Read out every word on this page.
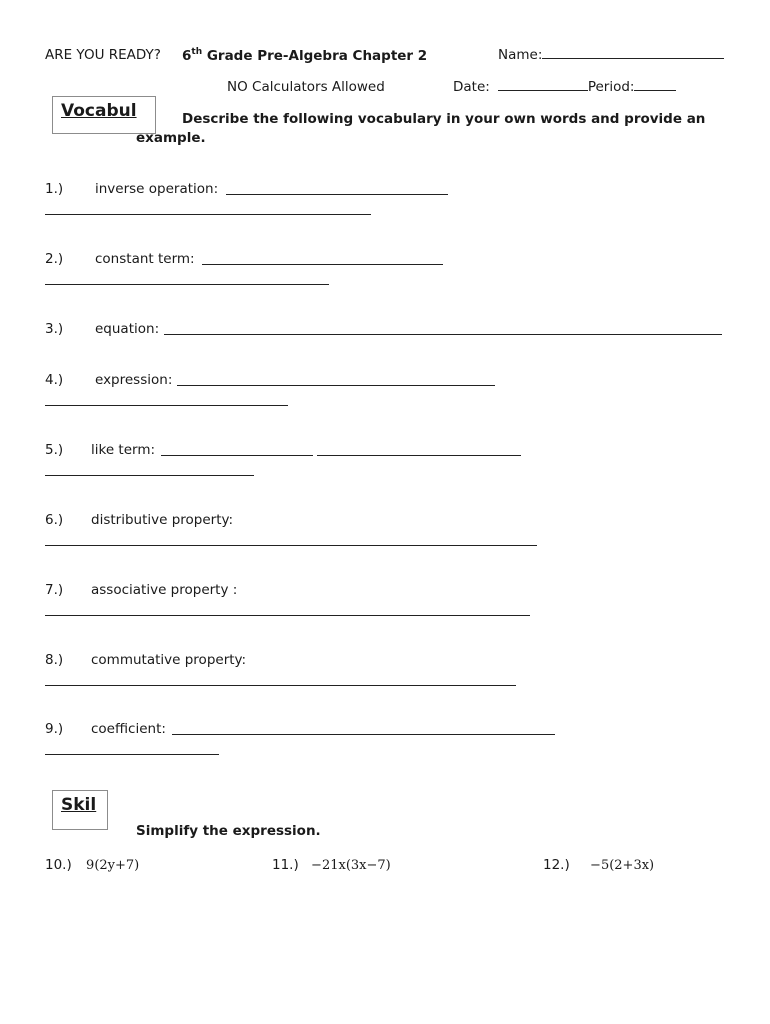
ARE YOU READY? 6th Grade Pre-Algebra Chapter 2	Name:
NO Calculators Allowed	Date:	Period:
Vocabul	Describe the following vocabulary in your own words and provide an
example.
1.) inverse operation:
2.) constant term:
3.) equation:
4.) expression:
5.) like term:
6.) distributive property:
7.) associative property :
8.) commutative property:
9.) coefficient:
Skil
Simplify the expression.
10.) 9(2y+7)	11.) −21x(3x−7)	12.) −5(2+3x)
